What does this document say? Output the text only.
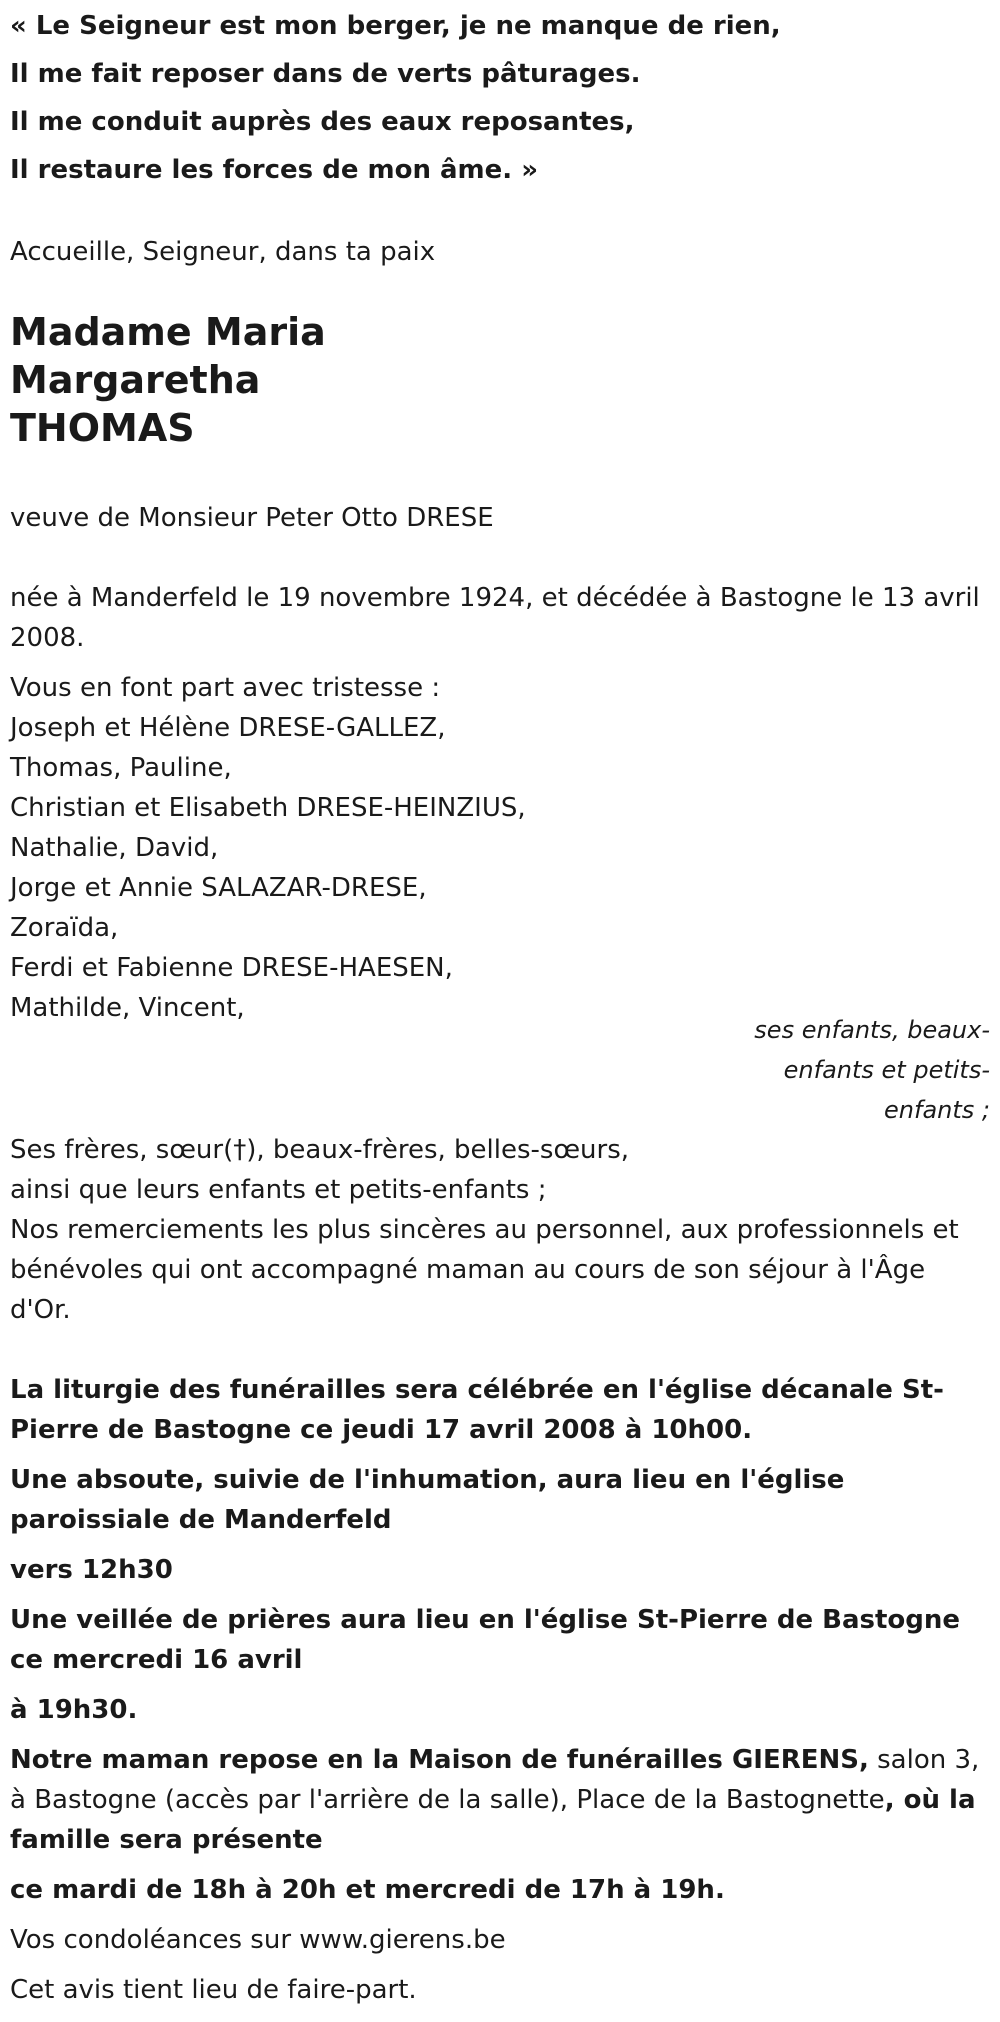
« Le Seigneur est mon berger, je ne manque de rien,
Il me fait reposer dans de verts pâturages.
Il me conduit auprès des eaux reposantes,
Il restaure les forces de mon âme. »

Accueille, Seigneur, dans ta paix

Madame Maria
Margaretha
THOMAS

veuve de Monsieur Peter Otto DRESE

née à Manderfeld le 19 novembre 1924, et décédée à Bastogne le 13 avril 2008.

Vous en font part avec tristesse :
Joseph et Hélène DRESE-GALLEZ,
Thomas, Pauline,
Christian et Elisabeth DRESE-HEINZIUS,
Nathalie, David,
Jorge et Annie SALAZAR-DRESE,
Zoraïda,
Ferdi et Fabienne DRESE-HAESEN,
Mathilde, Vincent,
ses enfants, beaux-
enfants et petits-
enfants ;
Ses frères, sœur(†), beaux-frères, belles-sœurs,
ainsi que leurs enfants et petits-enfants ;

Nos remerciements les plus sincères au personnel, aux professionnels et bénévoles qui ont accompagné maman au cours de son séjour à l'Âge d'Or.

La liturgie des funérailles sera célébrée en l'église décanale St-Pierre de Bastogne ce jeudi 17 avril 2008 à 10h00.

Une absoute, suivie de l'inhumation, aura lieu en l'église paroissiale de Manderfeld

vers 12h30

Une veillée de prières aura lieu en l'église St-Pierre de Bastogne ce mercredi 16 avril

à 19h30.

Notre maman repose en la Maison de funérailles GIERENS, salon 3, à Bastogne (accès par l'arrière de la salle), Place de la Bastognette, où la famille sera présente

ce mardi de 18h à 20h et mercredi de 17h à 19h.

Vos condoléances sur www.gierens.be

Cet avis tient lieu de faire-part.
